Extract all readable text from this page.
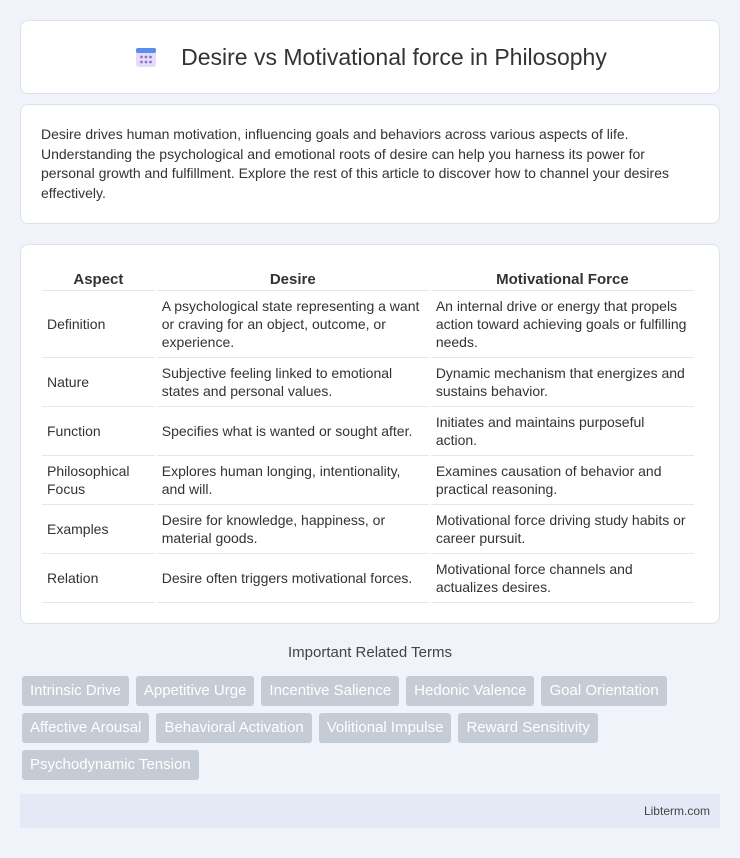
Desire vs Motivational force in Philosophy

Desire drives human motivation, influencing goals and behaviors across various aspects of life. Understanding the psychological and emotional roots of desire can help you harness its power for personal growth and fulfillment. Explore the rest of this article to discover how to channel your desires effectively.

Aspect	Desire	Motivational Force
Definition	A psychological state representing a want or craving for an object, outcome, or experience.	An internal drive or energy that propels action toward achieving goals or fulfilling needs.
Nature	Subjective feeling linked to emotional states and personal values.	Dynamic mechanism that energizes and sustains behavior.
Function	Specifies what is wanted or sought after.	Initiates and maintains purposeful action.
Philosophical Focus	Explores human longing, intentionality, and will.	Examines causation of behavior and practical reasoning.
Examples	Desire for knowledge, happiness, or material goods.	Motivational force driving study habits or career pursuit.
Relation	Desire often triggers motivational forces.	Motivational force channels and actualizes desires.
Important Related Terms
Intrinsic Drive	Appetitive Urge	Incentive Salience	Hedonic Valence	Goal Orientation
Affective Arousal	Behavioral Activation	Volitional Impulse	Reward Sensitivity
Psychodynamic Tension
Libterm.com
